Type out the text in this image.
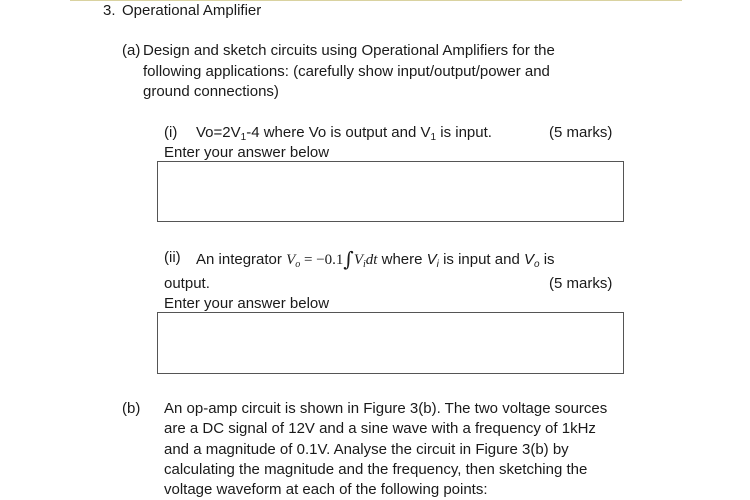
3. Operational Amplifier
(a) Design and sketch circuits using Operational Amplifiers for the
following applications: (carefully show input/output/power and
ground connections)
(i) $Vo=2V_1-4$ where Vo is output and $V_1$ is input.	(5 marks)
Enter your answer below
(ii) An integrator $V_o = -0.1\int V_idt$ where $V_i$ is input and $V_o$ is
output.	(5 marks)
Enter your answer below
(b) An op-amp circuit is shown in Figure 3(b). The two voltage sources
are a DC signal of 12V and a sine wave with a frequency of 1kHz
and a magnitude of 0.1V. Analyse the circuit in Figure 3(b) by
calculating the magnitude and the frequency, then sketching the
voltage waveform at each of the following points:
